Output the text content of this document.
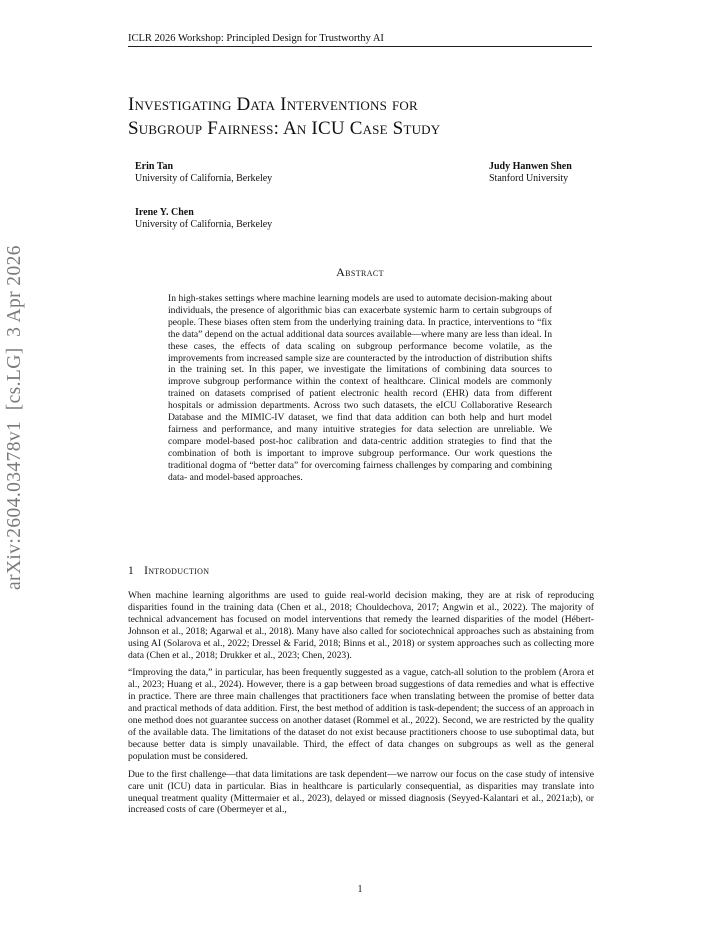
ICLR 2026 Workshop: Principled Design for Trustworthy AI
Investigating Data Interventions for
Subgroup Fairness: An ICU Case Study
Erin Tan
University of California, Berkeley
Judy Hanwen Shen
Stanford University
Irene Y. Chen
University of California, Berkeley
arXiv:2604.03478v1  [cs.LG]  3 Apr 2026	Abstract
In high-stakes settings where machine learning models are used to automate decision-making about individuals, the presence of algorithmic bias can exacerbate systemic harm to certain subgroups of people. These biases often stem from the underlying training data. In practice, interventions to “fix the data” depend on the actual additional data sources available—where many are less than ideal. In these cases, the effects of data scaling on subgroup performance become volatile, as the improvements from increased sample size are counteracted by the introduction of distribution shifts in the training set. In this paper, we investigate the limitations of combining data sources to improve subgroup performance within the context of healthcare. Clinical models are commonly trained on datasets comprised of patient electronic health record (EHR) data from different hospitals or admission departments. Across two such datasets, the eICU Collaborative Research Database and the MIMIC-IV dataset, we find that data addition can both help and hurt model fairness and performance, and many intuitive strategies for data selection are unreliable. We compare model-based post-hoc calibration and data-centric addition strategies to find that the combination of both is important to improve subgroup performance. Our work questions the traditional dogma of “better data” for overcoming fairness challenges by comparing and combining data- and model-based approaches.
1 Introduction

When machine learning algorithms are used to guide real-world decision making, they are at risk of reproducing disparities found in the training data (Chen et al., 2018; Chouldechova, 2017; Angwin et al., 2022). The majority of technical advancement has focused on model interventions that remedy the learned disparities of the model (Hébert-Johnson et al., 2018; Agarwal et al., 2018). Many have also called for sociotechnical approaches such as abstaining from using AI (Solarova et al., 2022; Dressel & Farid, 2018; Binns et al., 2018) or system approaches such as collecting more data (Chen et al., 2018; Drukker et al., 2023; Chen, 2023).

“Improving the data,” in particular, has been frequently suggested as a vague, catch-all solution to the problem (Arora et al., 2023; Huang et al., 2024). However, there is a gap between broad suggestions of data remedies and what is effective in practice. There are three main challenges that practitioners face when translating between the promise of better data and practical methods of data addition. First, the best method of addition is task-dependent; the success of an approach in one method does not guarantee success on another dataset (Rommel et al., 2022). Second, we are restricted by the quality of the available data. The limitations of the dataset do not exist because practitioners choose to use suboptimal data, but because better data is simply unavailable. Third, the effect of data changes on subgroups as well as the general population must be considered.

Due to the first challenge—that data limitations are task dependent—we narrow our focus on the case study of intensive care unit (ICU) data in particular. Bias in healthcare is particularly consequential, as disparities may translate into unequal treatment quality (Mittermaier et al., 2023), delayed or missed diagnosis (Seyyed-Kalantari et al., 2021a;b), or increased costs of care (Obermeyer et al.,

1
